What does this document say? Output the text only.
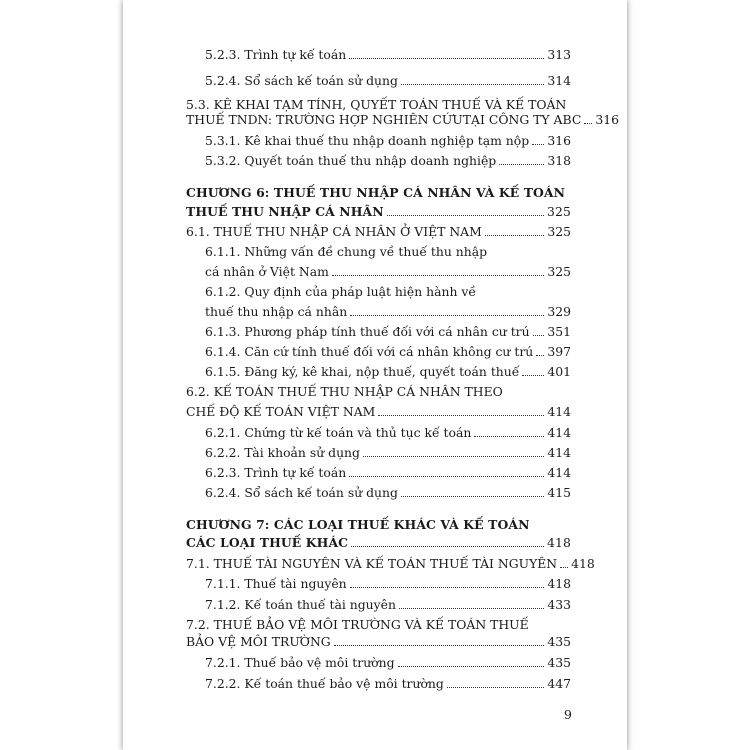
5.2.3. Trình tự kế toán	313
5.2.4. Sổ sách kế toán sử dụng	314
5.3. KÊ KHAI TẠM TÍNH, QUYẾT TOÁN THUẾ VÀ KẾ TOÁN
THUẾ TNDN: TRƯỜNG HỢP NGHIÊN CỨUTẠI CÔNG TY ABC 316
5.3.1. Kê khai thuế thu nhập doanh nghiệp tạm nộp 316
5.3.2. Quyết toán thuế thu nhập doanh nghiệp	318
CHƯƠNG 6: THUẾ THU NHẬP CÁ NHÂN VÀ KẾ TOÁN
THUẾ THU NHẬP CÁ NHÂN	325
6.1. THUẾ THU NHẬP CÁ NHÂN Ở VIỆT NAM	325
6.1.1. Những vấn đề chung về thuế thu nhập
cá nhân ở Việt Nam	325
6.1.2. Quy định của pháp luật hiện hành về
thuế thu nhập cá nhân	329
6.1.3. Phương pháp tính thuế đối với cá nhân cư trú 351
6.1.4. Căn cứ tính thuế đối với cá nhân không cư trú 397
6.1.5. Đăng ký, kê khai, nộp thuế, quyết toán thuế 401
6.2. KẾ TOÁN THUẾ THU NHẬP CÁ NHÂN THEO
CHẾ ĐỘ KẾ TOÁN VIỆT NAM	414
6.2.1. Chứng từ kế toán và thủ tục kế toán	414
6.2.2. Tài khoản sử dụng	414
6.2.3. Trình tự kế toán	414
6.2.4. Sổ sách kế toán sử dụng	415
CHƯƠNG 7: CÁC LOẠI THUẾ KHÁC VÀ KẾ TOÁN
CÁC LOẠI THUẾ KHÁC	418
7.1. THUẾ TÀI NGUYÊN VÀ KẾ TOÁN THUẾ TÀI NGUYÊN 418
7.1.1. Thuế tài nguyên	418
7.1.2. Kế toán thuế tài nguyên	433
7.2. THUẾ BẢO VỆ MÔI TRƯỜNG VÀ KẾ TOÁN THUẾ
BẢO VỆ MÔI TRƯỜNG	435
7.2.1. Thuế bảo vệ môi trường	435
7.2.2. Kế toán thuế bảo vệ môi trường	447
9
